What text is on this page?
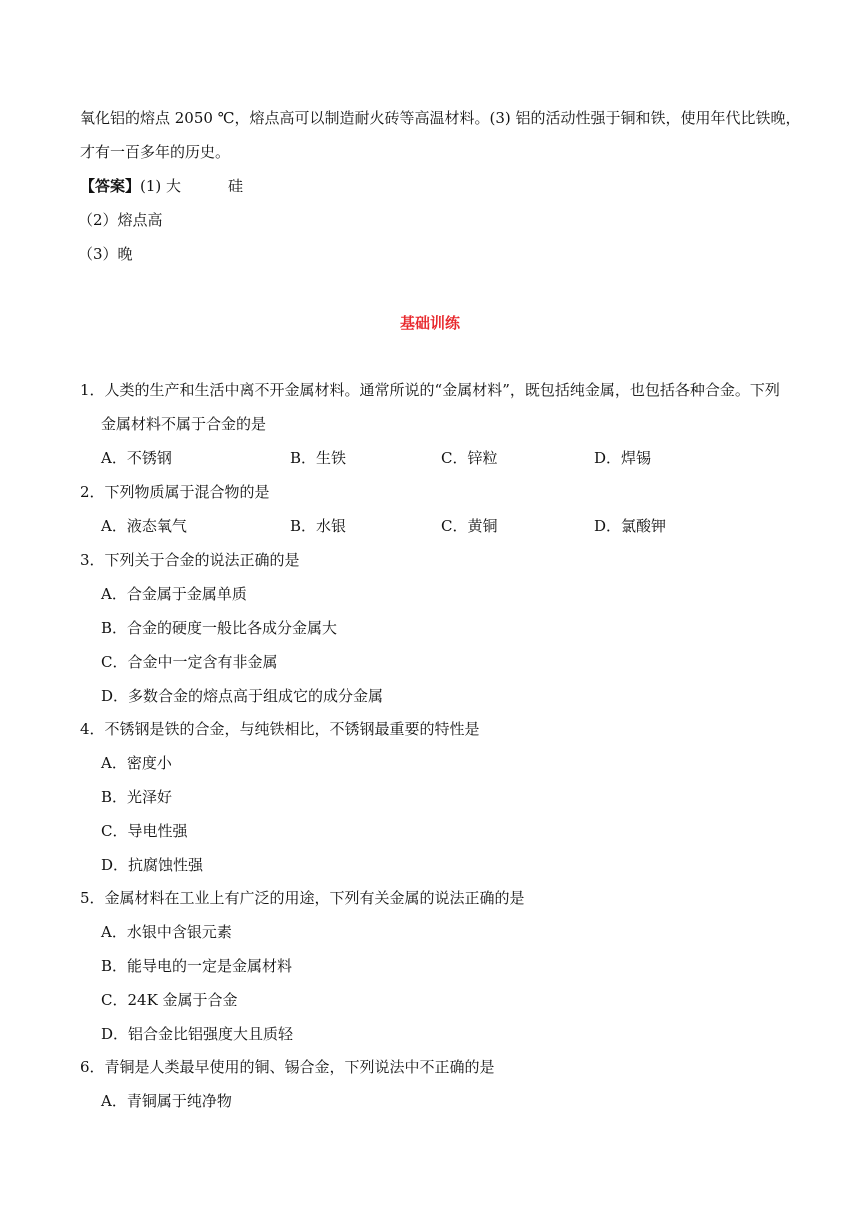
氧化铝的熔点 2050 ℃，熔点高可以制造耐火砖等高温材料。(3) 铝的活动性强于铜和铁，使用年代比铁晚，
才有一百多年的历史。
【答案】(1) 大	硅
（2）熔点高
（3）晚
基础训练
1．人类的生产和生活中离不开金属材料。通常所说的“金属材料”，既包括纯金属，也包括各种合金。下列
金属材料不属于合金的是
A．不锈钢	B．生铁	C．锌粒	D．焊锡
2．下列物质属于混合物的是
A．液态氧气	B．水银	C．黄铜	D．氯酸钾
3．下列关于合金的说法正确的是
A．合金属于金属单质
B．合金的硬度一般比各成分金属大
C．合金中一定含有非金属
D．多数合金的熔点高于组成它的成分金属
4．不锈钢是铁的合金，与纯铁相比，不锈钢最重要的特性是
A．密度小
B．光泽好
C．导电性强
D．抗腐蚀性强
5．金属材料在工业上有广泛的用途，下列有关金属的说法正确的是
A．水银中含银元素
B．能导电的一定是金属材料
C．24K 金属于合金
D．铝合金比铝强度大且质轻
6．青铜是人类最早使用的铜、锡合金，下列说法中不正确的是
A．青铜属于纯净物
